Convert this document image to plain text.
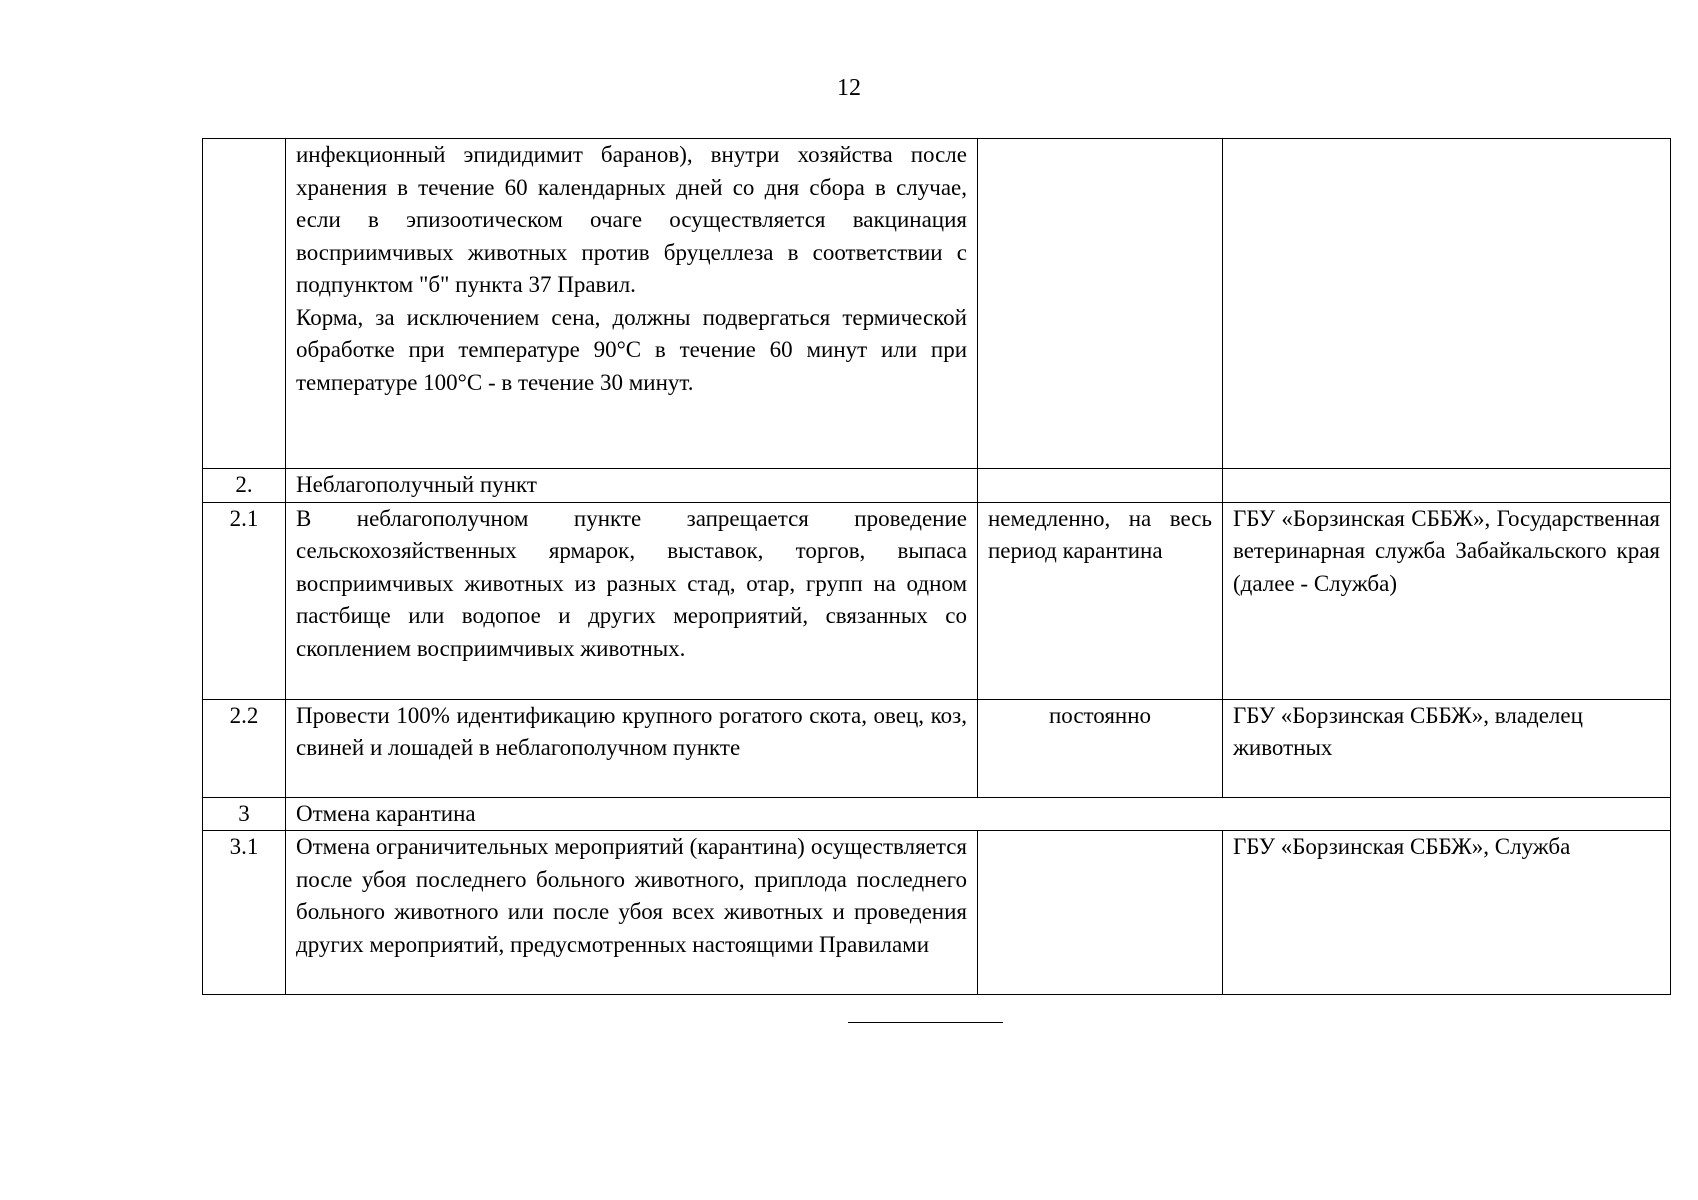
12

	инфекционный эпидидимит баранов), внутри хозяйства после хранения в течение 60 календарных дней со дня сбора в случае, если в эпизоотическом очаге осуществляется вакцинация восприимчивых животных против бруцеллеза в соответствии с подпунктом "б" пункта 37 Правил.
Корма, за исключением сена, должны подвергаться термической обработке при температуре 90°С в течение 60 минут или при температуре 100°С - в течение 30 минут.		

2.	Неблагополучный пункт		

2.1	В неблагополучном пункте запрещается проведение сельскохозяйственных ярмарок, выставок, торгов, выпаса восприимчивых животных из разных стад, отар, групп на одном пастбище или водопое и других мероприятий, связанных со скоплением восприимчивых животных.	немедленно, на весь период карантина	ГБУ «Борзинская СББЖ», Государственная ветеринарная служба Забайкальского края (далее - Служба)
2.2	Провести 100% идентификацию крупного рогатого скота, овец, коз, свиней и лошадей в неблагополучном пункте	постоянно	ГБУ «Борзинская СББЖ», владелец животных
3	Отмена карантина		

3.1	Отмена ограничительных мероприятий (карантина) осуществляется после убоя последнего больного животного, приплода последнего больного животного или после убоя всех животных и проведения других мероприятий, предусмотренных настоящими Правилами		ГБУ «Борзинская СББЖ», Служба
